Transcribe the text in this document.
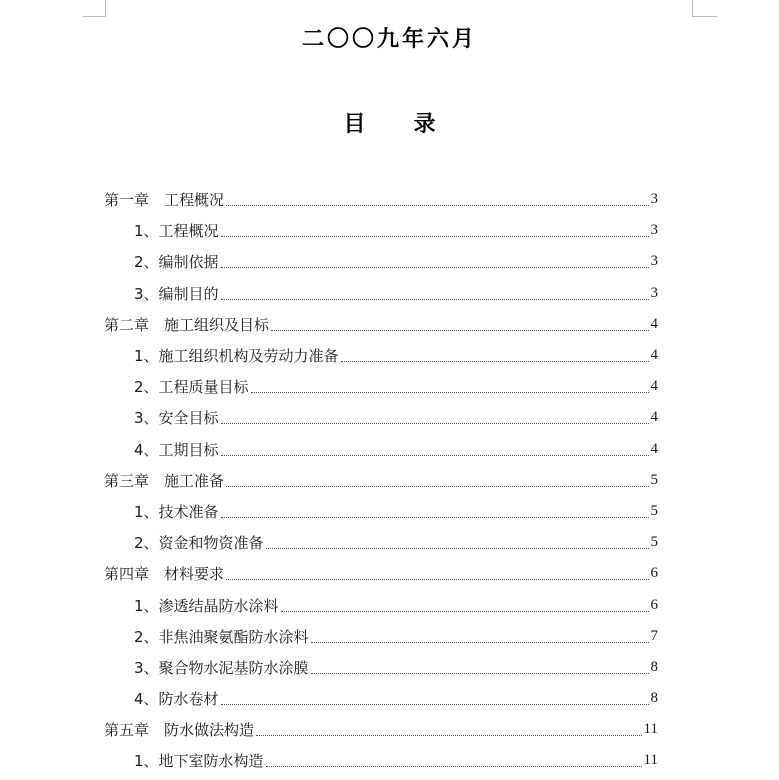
二〇〇九年六月
目 录
第一章　工程概况	3
1、工程概况	3
2、编制依据	3
3、编制目的	3
第二章　施工组织及目标	4
1、施工组织机构及劳动力准备	4
2、工程质量目标	4
3、安全目标	4
4、工期目标	4
第三章　施工准备	5
1、技术准备	5
2、资金和物资准备	5
第四章　材料要求	6
1、渗透结晶防水涂料	6
2、非焦油聚氨酯防水涂料	7
3、聚合物水泥基防水涂膜	8
4、防水卷材	8
第五章　防水做法构造	11
1、地下室防水构造	11
